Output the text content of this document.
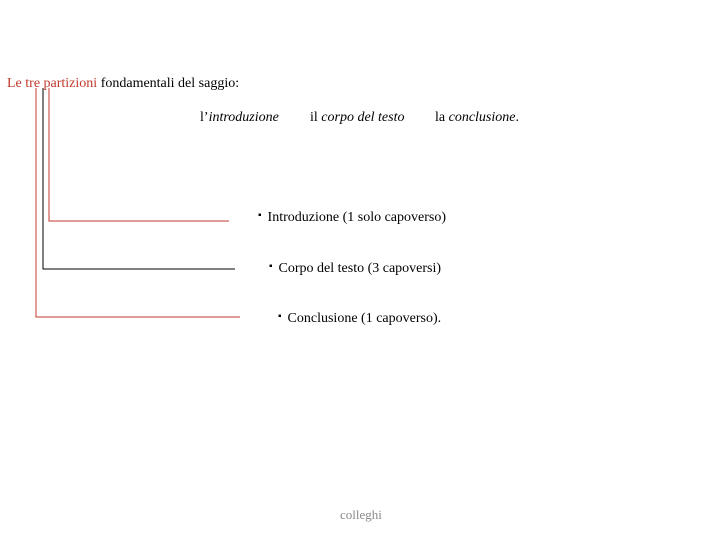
Le tre partizioni fondamentali del saggio:
l’introduzione il corpo del testo la conclusione.
▪ Introduzione (1 solo capoverso)
▪ Corpo del testo (3 capoversi)
▪ Conclusione (1 capoverso).
colleghi
